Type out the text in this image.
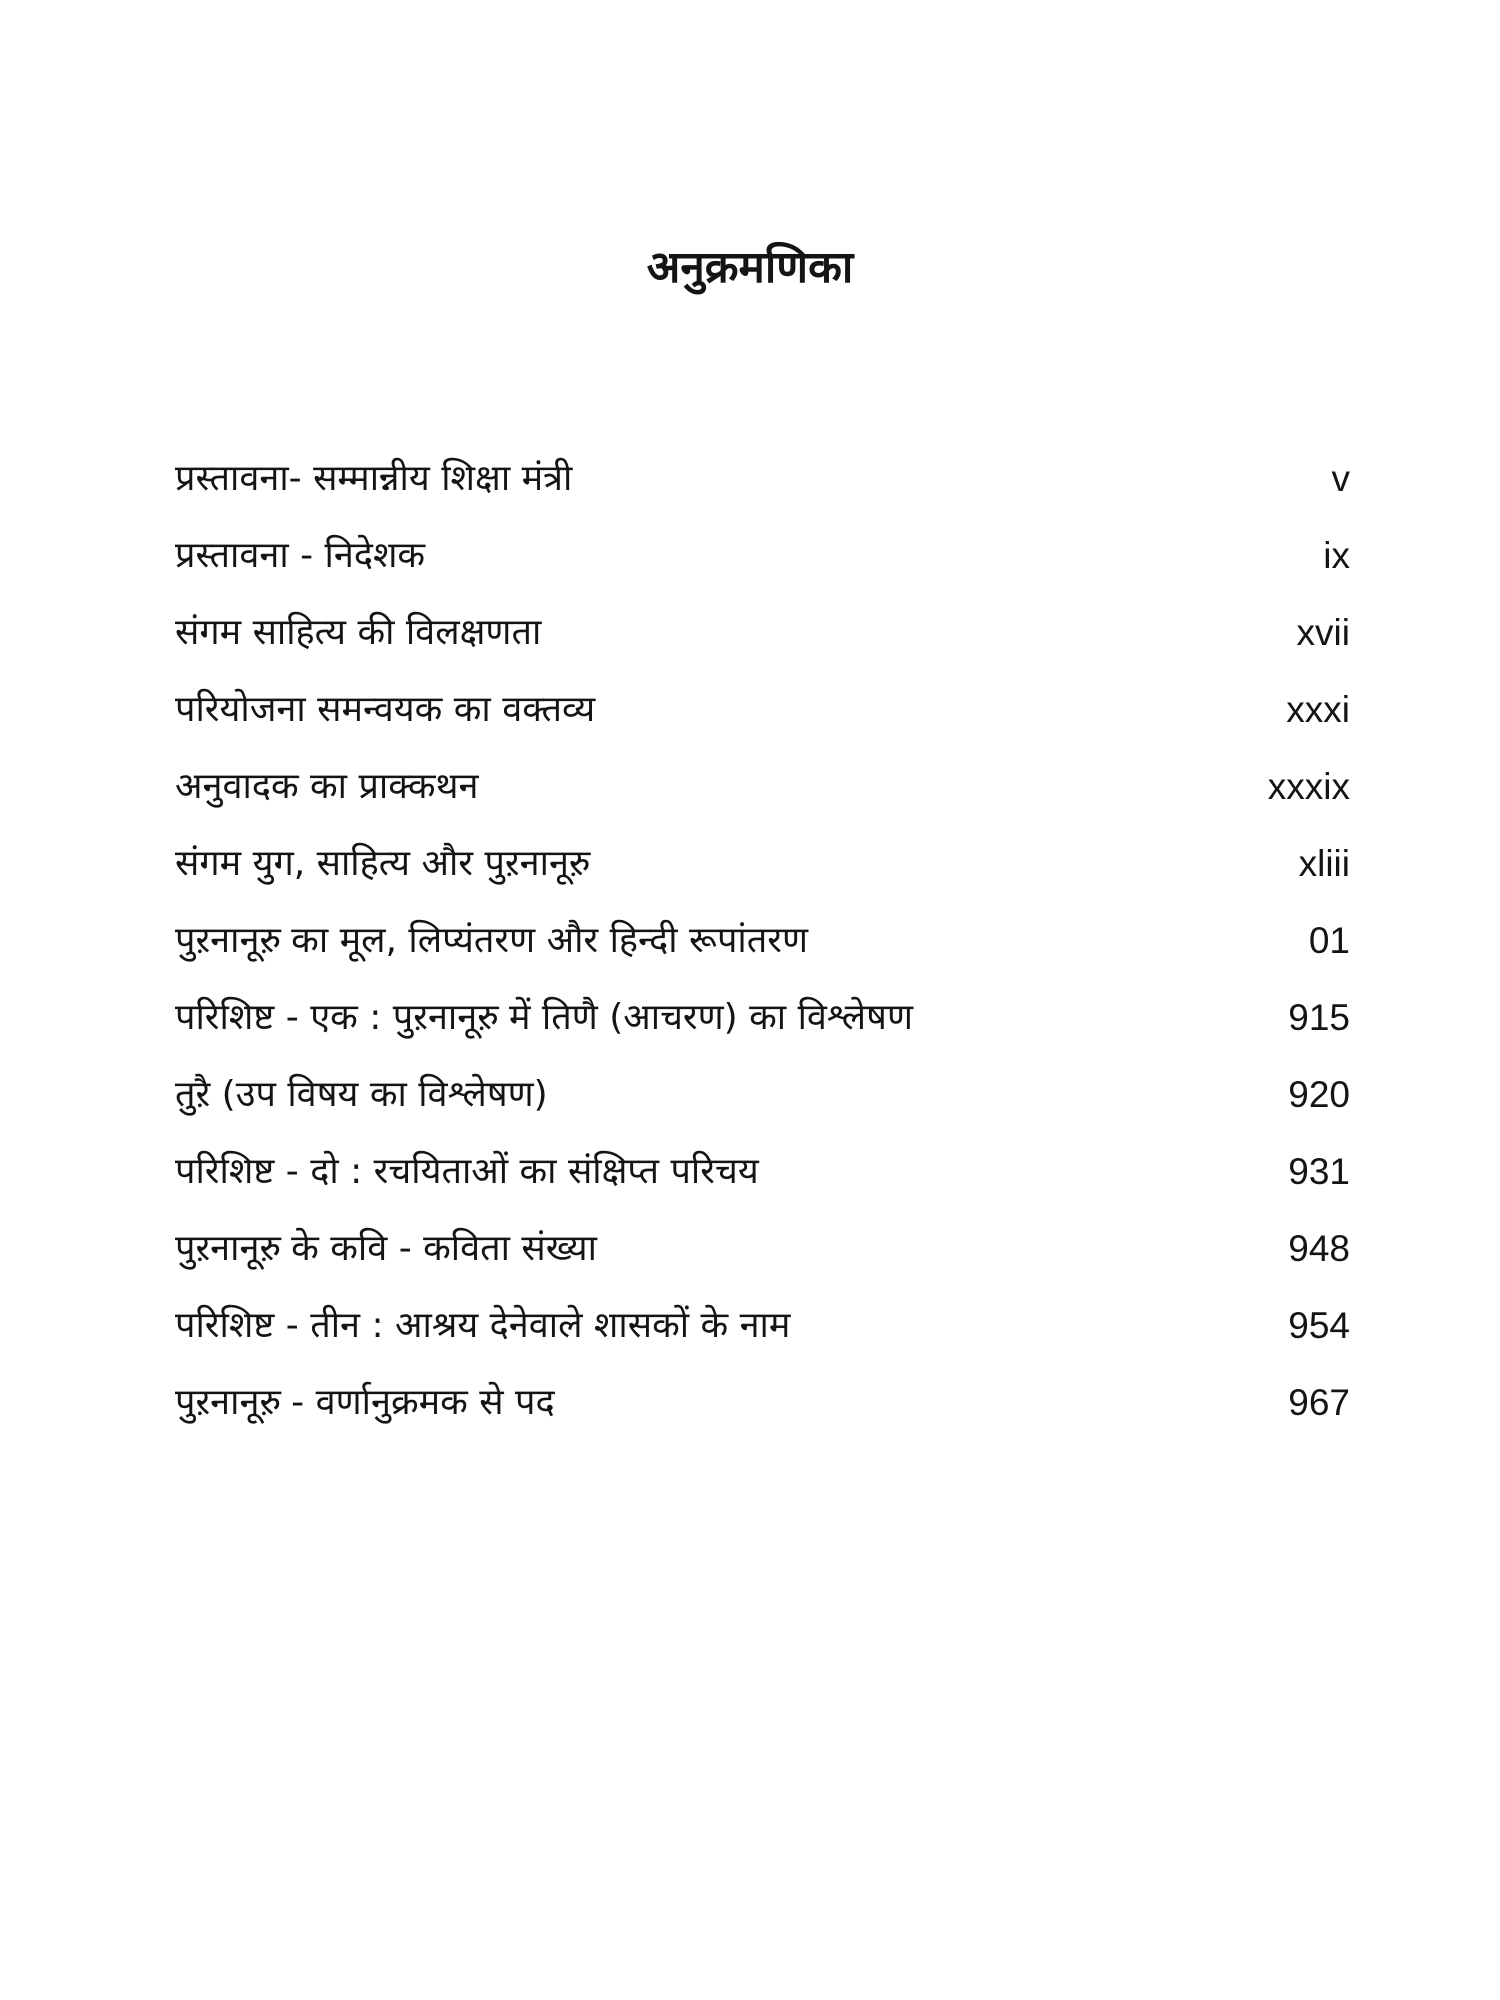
अनुक्रमणिका
प्रस्तावना- सम्मान्नीय शिक्षा मंत्री	v
प्रस्तावना - निदेशक	ix
संगम साहित्य की विलक्षणता	xvii
परियोजना समन्वयक का वक्तव्य	xxxi
अनुवादक का प्राक्कथन	xxxix
संगम युग, साहित्य और पुऱनानूऱु	xliii
पुऱनानूऱु का मूल, लिप्यंतरण और हिन्दी रूपांतरण	01
परिशिष्ट - एक : पुऱनानूऱु में तिणै (आचरण) का विश्लेषण	915
तुऱै (उप विषय का विश्लेषण)	920
परिशिष्ट - दो : रचयिताओं का संक्षिप्त परिचय	931
पुऱनानूऱु के कवि - कविता संख्या	948
परिशिष्ट - तीन : आश्रय देनेवाले शासकों के नाम	954
पुऱनानूऱु - वर्णानुक्रमक से पद	967
